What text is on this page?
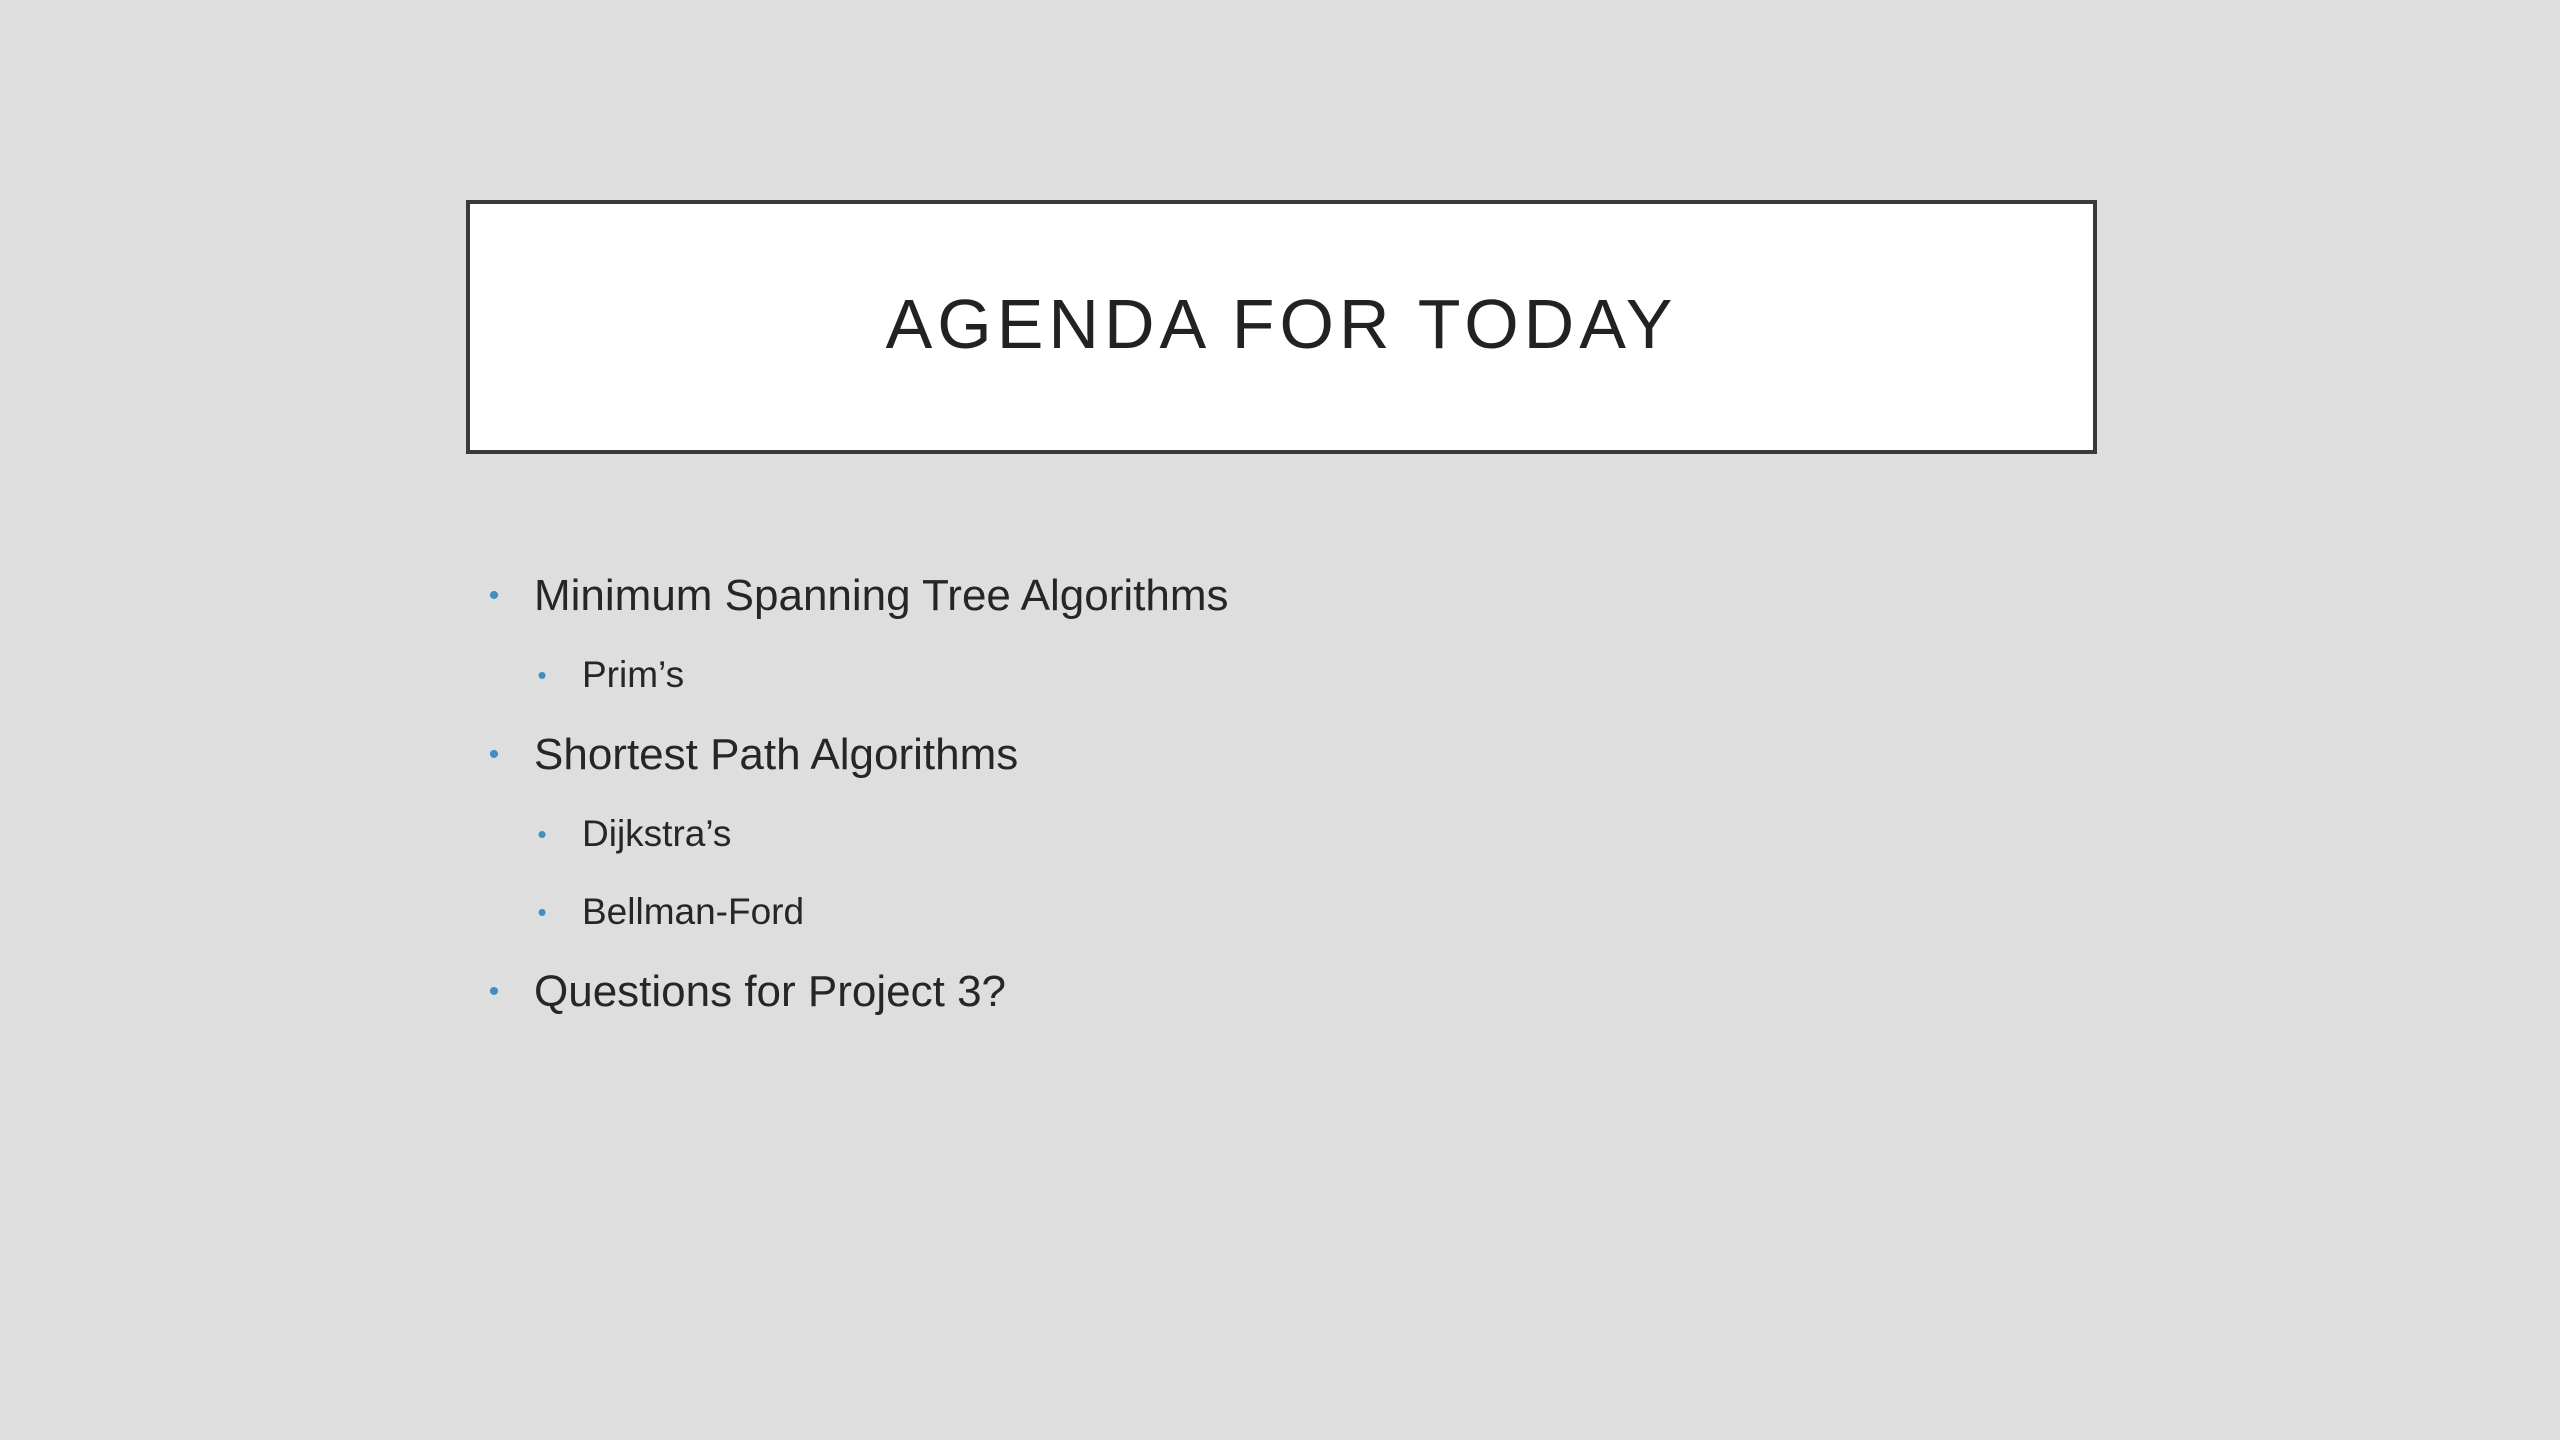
AGENDA FOR TODAY
• Minimum Spanning Tree Algorithms
• Prim’s
• Shortest Path Algorithms
• Dijkstra’s
• Bellman-Ford
• Questions for Project 3?
